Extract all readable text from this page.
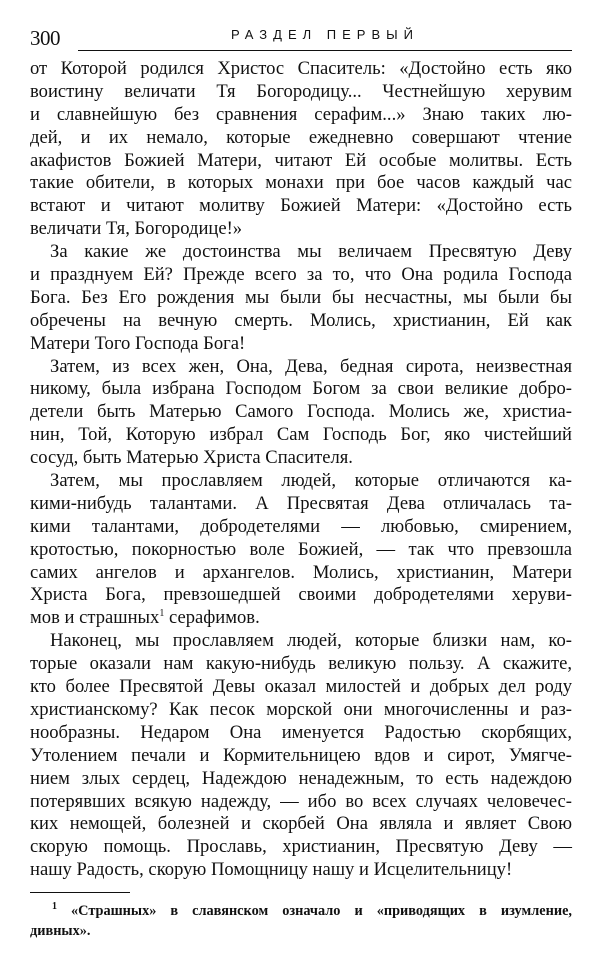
300	РАЗДЕЛ ПЕРВЫЙ
от Которой родился Христос Спаситель: «Достойно есть яко
воистину величати Тя Богородицу... Честнейшую херувим
и славнейшую без сравнения серафим...» Знаю таких лю-
дей, и их немало, которые ежедневно совершают чтение
акафистов Божией Матери, читают Ей особые молитвы. Есть
такие обители, в которых монахи при бое часов каждый час
встают и читают молитву Божией Матери: «Достойно есть
величати Тя, Богородице!»
За какие же достоинства мы величаем Пресвятую Деву
и празднуем Ей? Прежде всего за то, что Она родила Господа
Бога. Без Его рождения мы были бы несчастны, мы были бы
обречены на вечную смерть. Молись, христианин, Ей как
Матери Того Господа Бога!
Затем, из всех жен, Она, Дева, бедная сирота, неизвестная
никому, была избрана Господом Богом за свои великие добро-
детели быть Матерью Самого Господа. Молись же, христиа-
нин, Той, Которую избрал Сам Господь Бог, яко чистейший
сосуд, быть Матерью Христа Спасителя.
Затем, мы прославляем людей, которые отличаются ка-
кими-нибудь талантами. А Пресвятая Дева отличалась та-
кими талантами, добродетелями — любовью, смирением,
кротостью, покорностью воле Божией, — так что превзошла
самих ангелов и архангелов. Молись, христианин, Матери
Христа Бога, превзошедшей своими добродетелями херуви-
мов и страшных$^1$ серафимов.
Наконец, мы прославляем людей, которые близки нам, ко-
торые оказали нам какую-нибудь великую пользу. А скажите,
кто более Пресвятой Девы оказал милостей и добрых дел роду
христианскому? Как песок морской они многочисленны и раз-
нообразны. Недаром Она именуется Радостью скорбящих,
Утолением печали и Кормительницею вдов и сирот, Умягче-
нием злых сердец, Надеждою ненадежным, то есть надеждою
потерявших всякую надежду, — ибо во всех случаях человечес-
ких немощей, болезней и скорбей Она являла и являет Свою
скорую помощь. Прославь, христианин, Пресвятую Деву —
нашу Радость, скорую Помощницу нашу и Исцелительницу!
$^1$ «Страшных» в славянском означало и «приводящих в изумление,
дивных».
